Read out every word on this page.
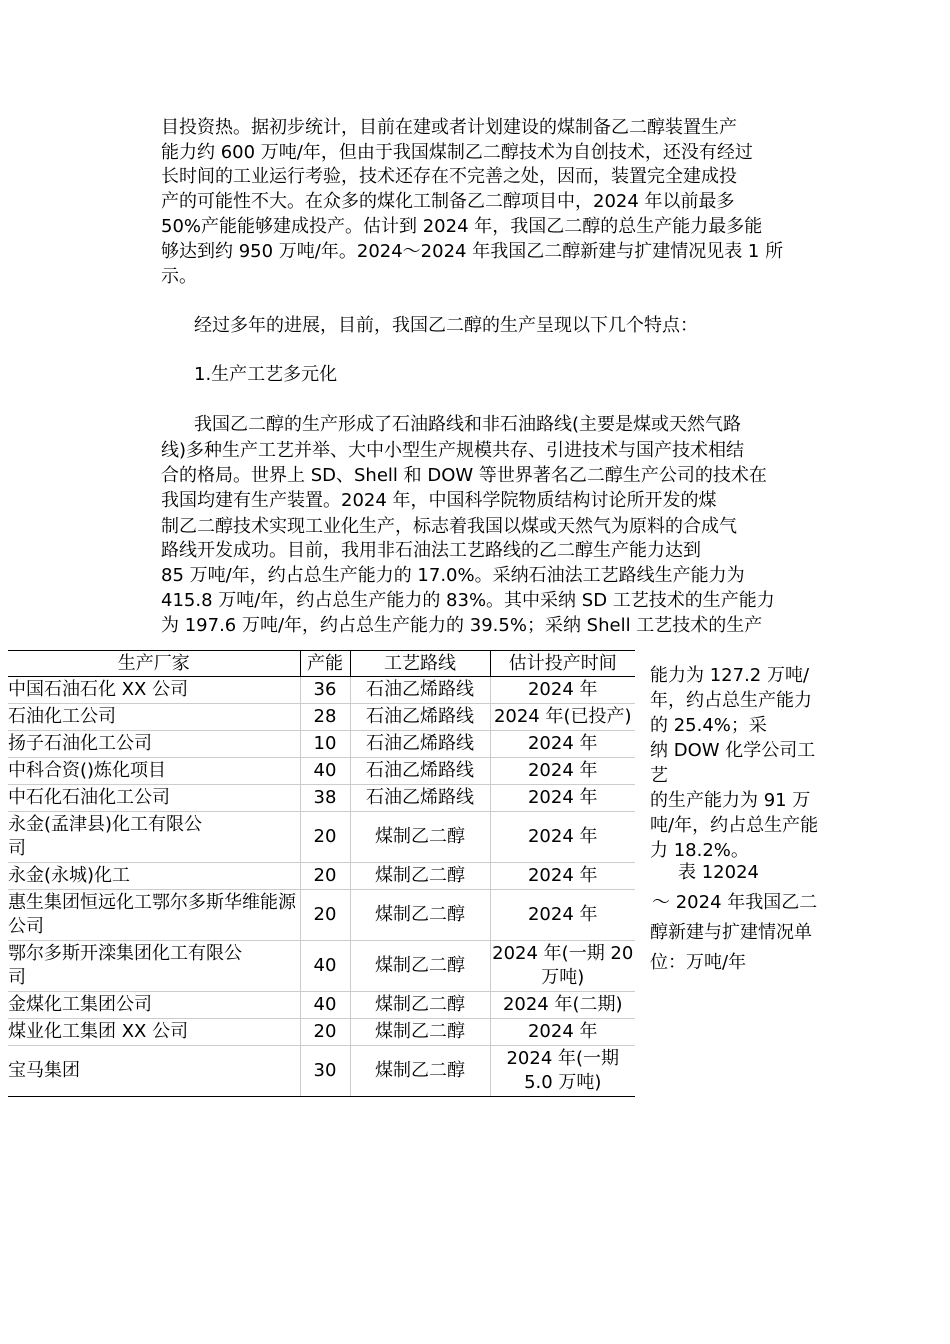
目投资热。据初步统计，目前在建或者计划建设的煤制备乙二醇装置生产
能力约 600 万吨/年，但由于我国煤制乙二醇技术为自创技术，还没有经过
长时间的工业运行考验，技术还存在不完善之处，因而，装置完全建成投
产的可能性不大。在众多的煤化工制备乙二醇项目中，2024 年以前最多
50%产能能够建成投产。估计到 2024 年，我国乙二醇的总生产能力最多能
够达到约 950 万吨/年。2024～2024 年我国乙二醇新建与扩建情况见表 1 所
示。
经过多年的进展，目前，我国乙二醇的生产呈现以下几个特点：
1.生产工艺多元化
我国乙二醇的生产形成了石油路线和非石油路线(主要是煤或天然气路
线)多种生产工艺并举、大中小型生产规模共存、引进技术与国产技术相结
合的格局。世界上 SD、Shell 和 DOW 等世界著名乙二醇生产公司的技术在
我国均建有生产装置。2024 年，中国科学院物质结构讨论所开发的煤
制乙二醇技术实现工业化生产，标志着我国以煤或天然气为原料的合成气
路线开发成功。目前，我用非石油法工艺路线的乙二醇生产能力达到
85 万吨/年，约占总生产能力的 17.0%。采纳石油法工艺路线生产能力为
415.8 万吨/年，约占总生产能力的 83%。其中采纳 SD 工艺技术的生产能力
为 197.6 万吨/年，约占总生产能力的 39.5%；采纳 Shell 工艺技术的生产
生产厂家	产能	工艺路线	估计投产时间
中国石油石化 XX 公司	36	石油乙烯路线	2024 年
石油化工公司	28	石油乙烯路线	2024 年(已投产)
扬子石油化工公司	10	石油乙烯路线	2024 年
中科合资()炼化项目	40	石油乙烯路线	2024 年
中石化石油化工公司	38	石油乙烯路线	2024 年
永金(孟津县)化工有限公司	20	煤制乙二醇	2024 年
永金(永城)化工	20	煤制乙二醇	2024 年
惠生集团恒远化工鄂尔多斯华维能源公司	20	煤制乙二醇	2024 年
鄂尔多斯开滦集团化工有限公司	40	煤制乙二醇	2024 年(一期 20 万吨)
金煤化工集团公司	40	煤制乙二醇	2024 年(二期)
煤业化工集团 XX 公司	20	煤制乙二醇	2024 年
宝马集团	30	煤制乙二醇	2024 年(一期 5.0 万吨)
能力为 127.2 万吨/
年，约占总生产能力
的 25.4%；采
纳 DOW 化学公司工
艺
的生产能力为 91 万
吨/年，约占总生产能
力 18.2%。
表 12024
～ 2024 年我国乙二
醇新建与扩建情况单
位：万吨/年
